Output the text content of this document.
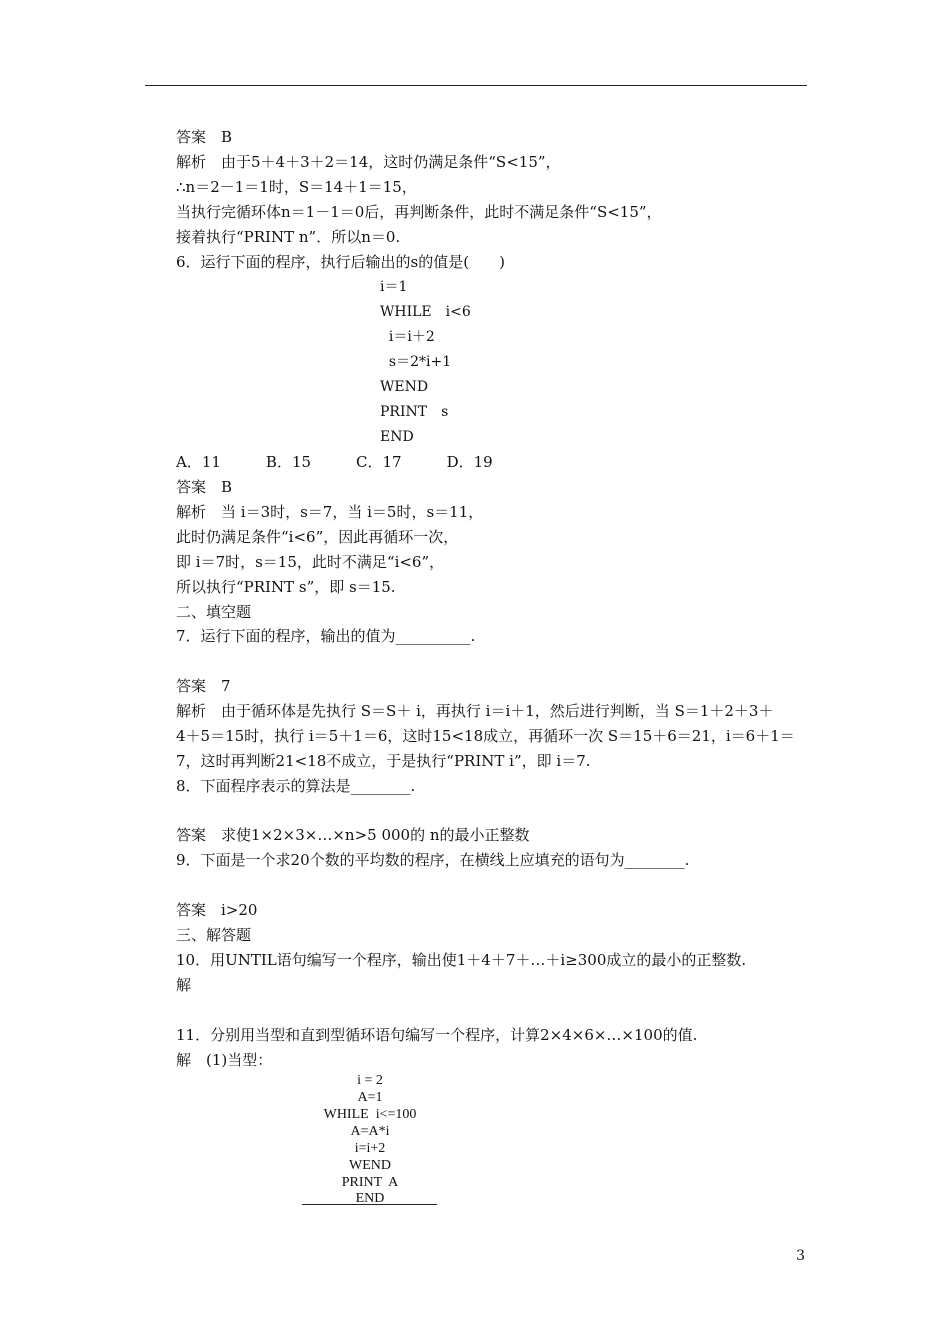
答案　B
解析　由于5＋4＋3＋2＝14，这时仍满足条件“S<15”，
∴n＝2－1＝1时，S＝14＋1＝15，
当执行完循环体n＝1－1＝0后，再判断条件，此时不满足条件“S<15”，
接着执行“PRINT n”．所以n＝0.
6．运行下面的程序，执行后输出的s的值是(　　)
i＝1
WHILE　i<6
i＝i＋2
s＝2*i+1
WEND
PRINT　s
END
A．11　　　B．15　　　C．17　　　D．19
答案　B
解析　当 i＝3时，s＝7，当 i＝5时，s＝11，
此时仍满足条件“i<6”，因此再循环一次，
即 i＝7时，s＝15，此时不满足“i<6”，
所以执行“PRINT s”，即 s＝15.
二、填空题
7．运行下面的程序，输出的值为__________.
答案　7
解析　由于循环体是先执行 S＝S＋ i，再执行 i＝i＋1，然后进行判断，当 S＝1＋2＋3＋
4＋5＝15时，执行 i＝5＋1＝6，这时15<18成立，再循环一次 S＝15＋6＝21，i＝6＋1＝
7，这时再判断21<18不成立，于是执行“PRINT i”，即 i＝7.
8．下面程序表示的算法是________.
答案　求使1×2×3×…×n>5 000的 n的最小正整数
9．下面是一个求20个数的平均数的程序，在横线上应填充的语句为________.
答案　i>20
三、解答题
10．用UNTIL语句编写一个程序，输出使1＋4＋7＋…＋i≥300成立的最小的正整数.
解
11．分别用当型和直到型循环语句编写一个程序，计算2×4×6×…×100的值.
解　(1)当型：
i = 2
A=1
WHILE  i<=100
A=A*i
i=i+2
WEND
PRINT  A
END
3
